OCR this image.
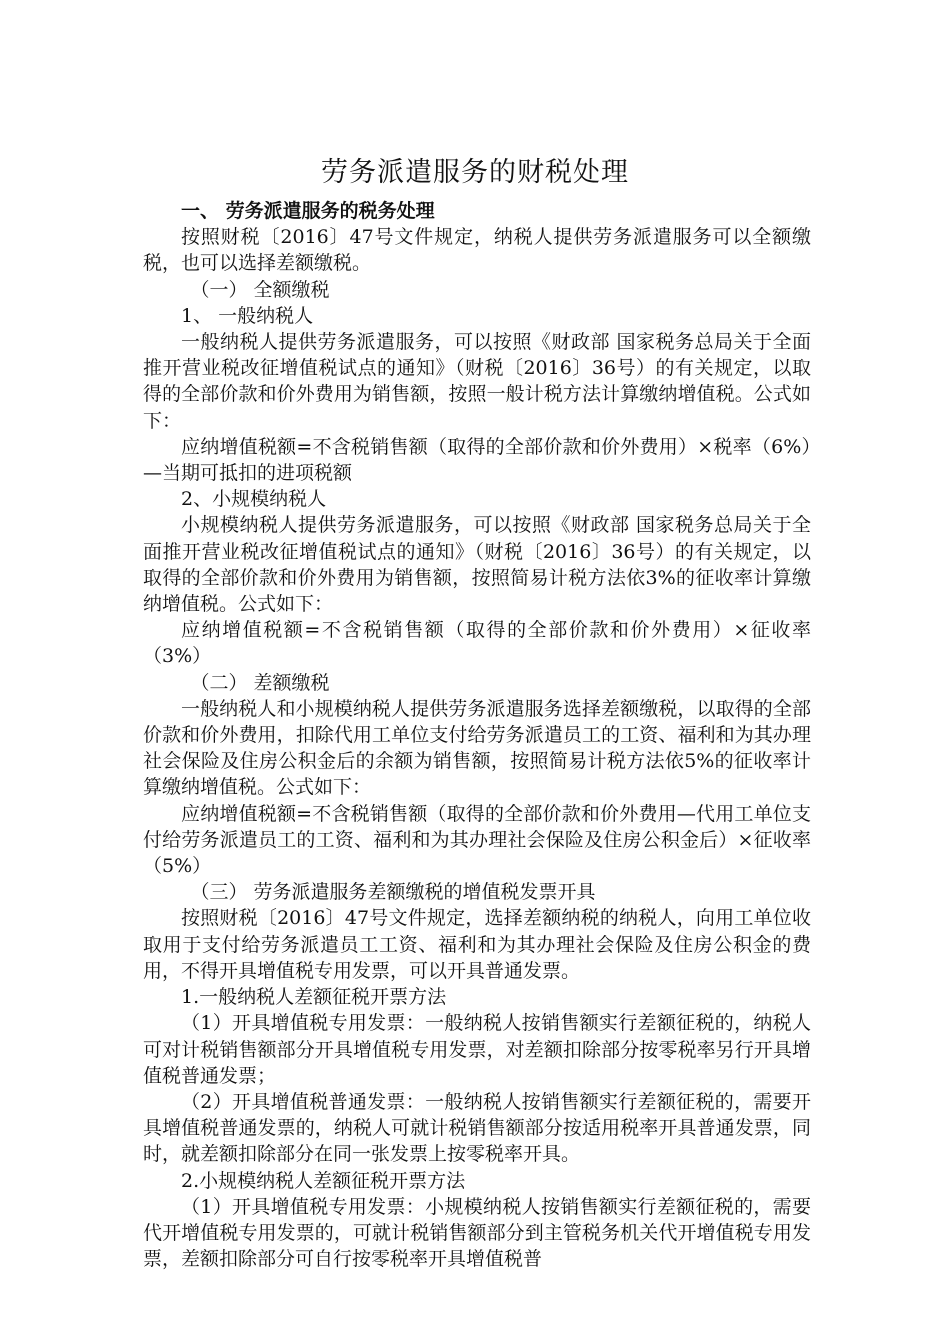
劳务派遣服务的财税处理

一、 劳务派遣服务的税务处理

按照财税〔2016〕47号文件规定，纳税人提供劳务派遣服务可以全额缴税，也可以选择差额缴税。

（一） 全额缴税

1、 一般纳税人

一般纳税人提供劳务派遣服务，可以按照《财政部 国家税务总局关于全面推开营业税改征增值税试点的通知》（财税〔2016〕36号）的有关规定，以取得的全部价款和价外费用为销售额，按照一般计税方法计算缴纳增值税。公式如下：

应纳增值税额=不含税销售额（取得的全部价款和价外费用）×税率（6%）—当期可抵扣的进项税额

2、小规模纳税人

小规模纳税人提供劳务派遣服务，可以按照《财政部 国家税务总局关于全面推开营业税改征增值税试点的通知》（财税〔2016〕36号）的有关规定，以取得的全部价款和价外费用为销售额，按照简易计税方法依3%的征收率计算缴纳增值税。公式如下：

应纳增值税额=不含税销售额（取得的全部价款和价外费用）×征收率（3%）

（二） 差额缴税

一般纳税人和小规模纳税人提供劳务派遣服务选择差额缴税，以取得的全部价款和价外费用，扣除代用工单位支付给劳务派遣员工的工资、福利和为其办理社会保险及住房公积金后的余额为销售额，按照简易计税方法依5%的征收率计算缴纳增值税。公式如下：

应纳增值税额=不含税销售额（取得的全部价款和价外费用—代用工单位支付给劳务派遣员工的工资、福利和为其办理社会保险及住房公积金后）×征收率（5%）

（三） 劳务派遣服务差额缴税的增值税发票开具

按照财税〔2016〕47号文件规定，选择差额纳税的纳税人，向用工单位收取用于支付给劳务派遣员工工资、福利和为其办理社会保险及住房公积金的费用，不得开具增值税专用发票，可以开具普通发票。

1.一般纳税人差额征税开票方法

（1）开具增值税专用发票：一般纳税人按销售额实行差额征税的，纳税人可对计税销售额部分开具增值税专用发票，对差额扣除部分按零税率另行开具增值税普通发票；

（2）开具增值税普通发票：一般纳税人按销售额实行差额征税的，需要开具增值税普通发票的，纳税人可就计税销售额部分按适用税率开具普通发票，同时，就差额扣除部分在同一张发票上按零税率开具。

2.小规模纳税人差额征税开票方法

（1）开具增值税专用发票：小规模纳税人按销售额实行差额征税的，需要代开增值税专用发票的，可就计税销售额部分到主管税务机关代开增值税专用发票，差额扣除部分可自行按零税率开具增值税普
